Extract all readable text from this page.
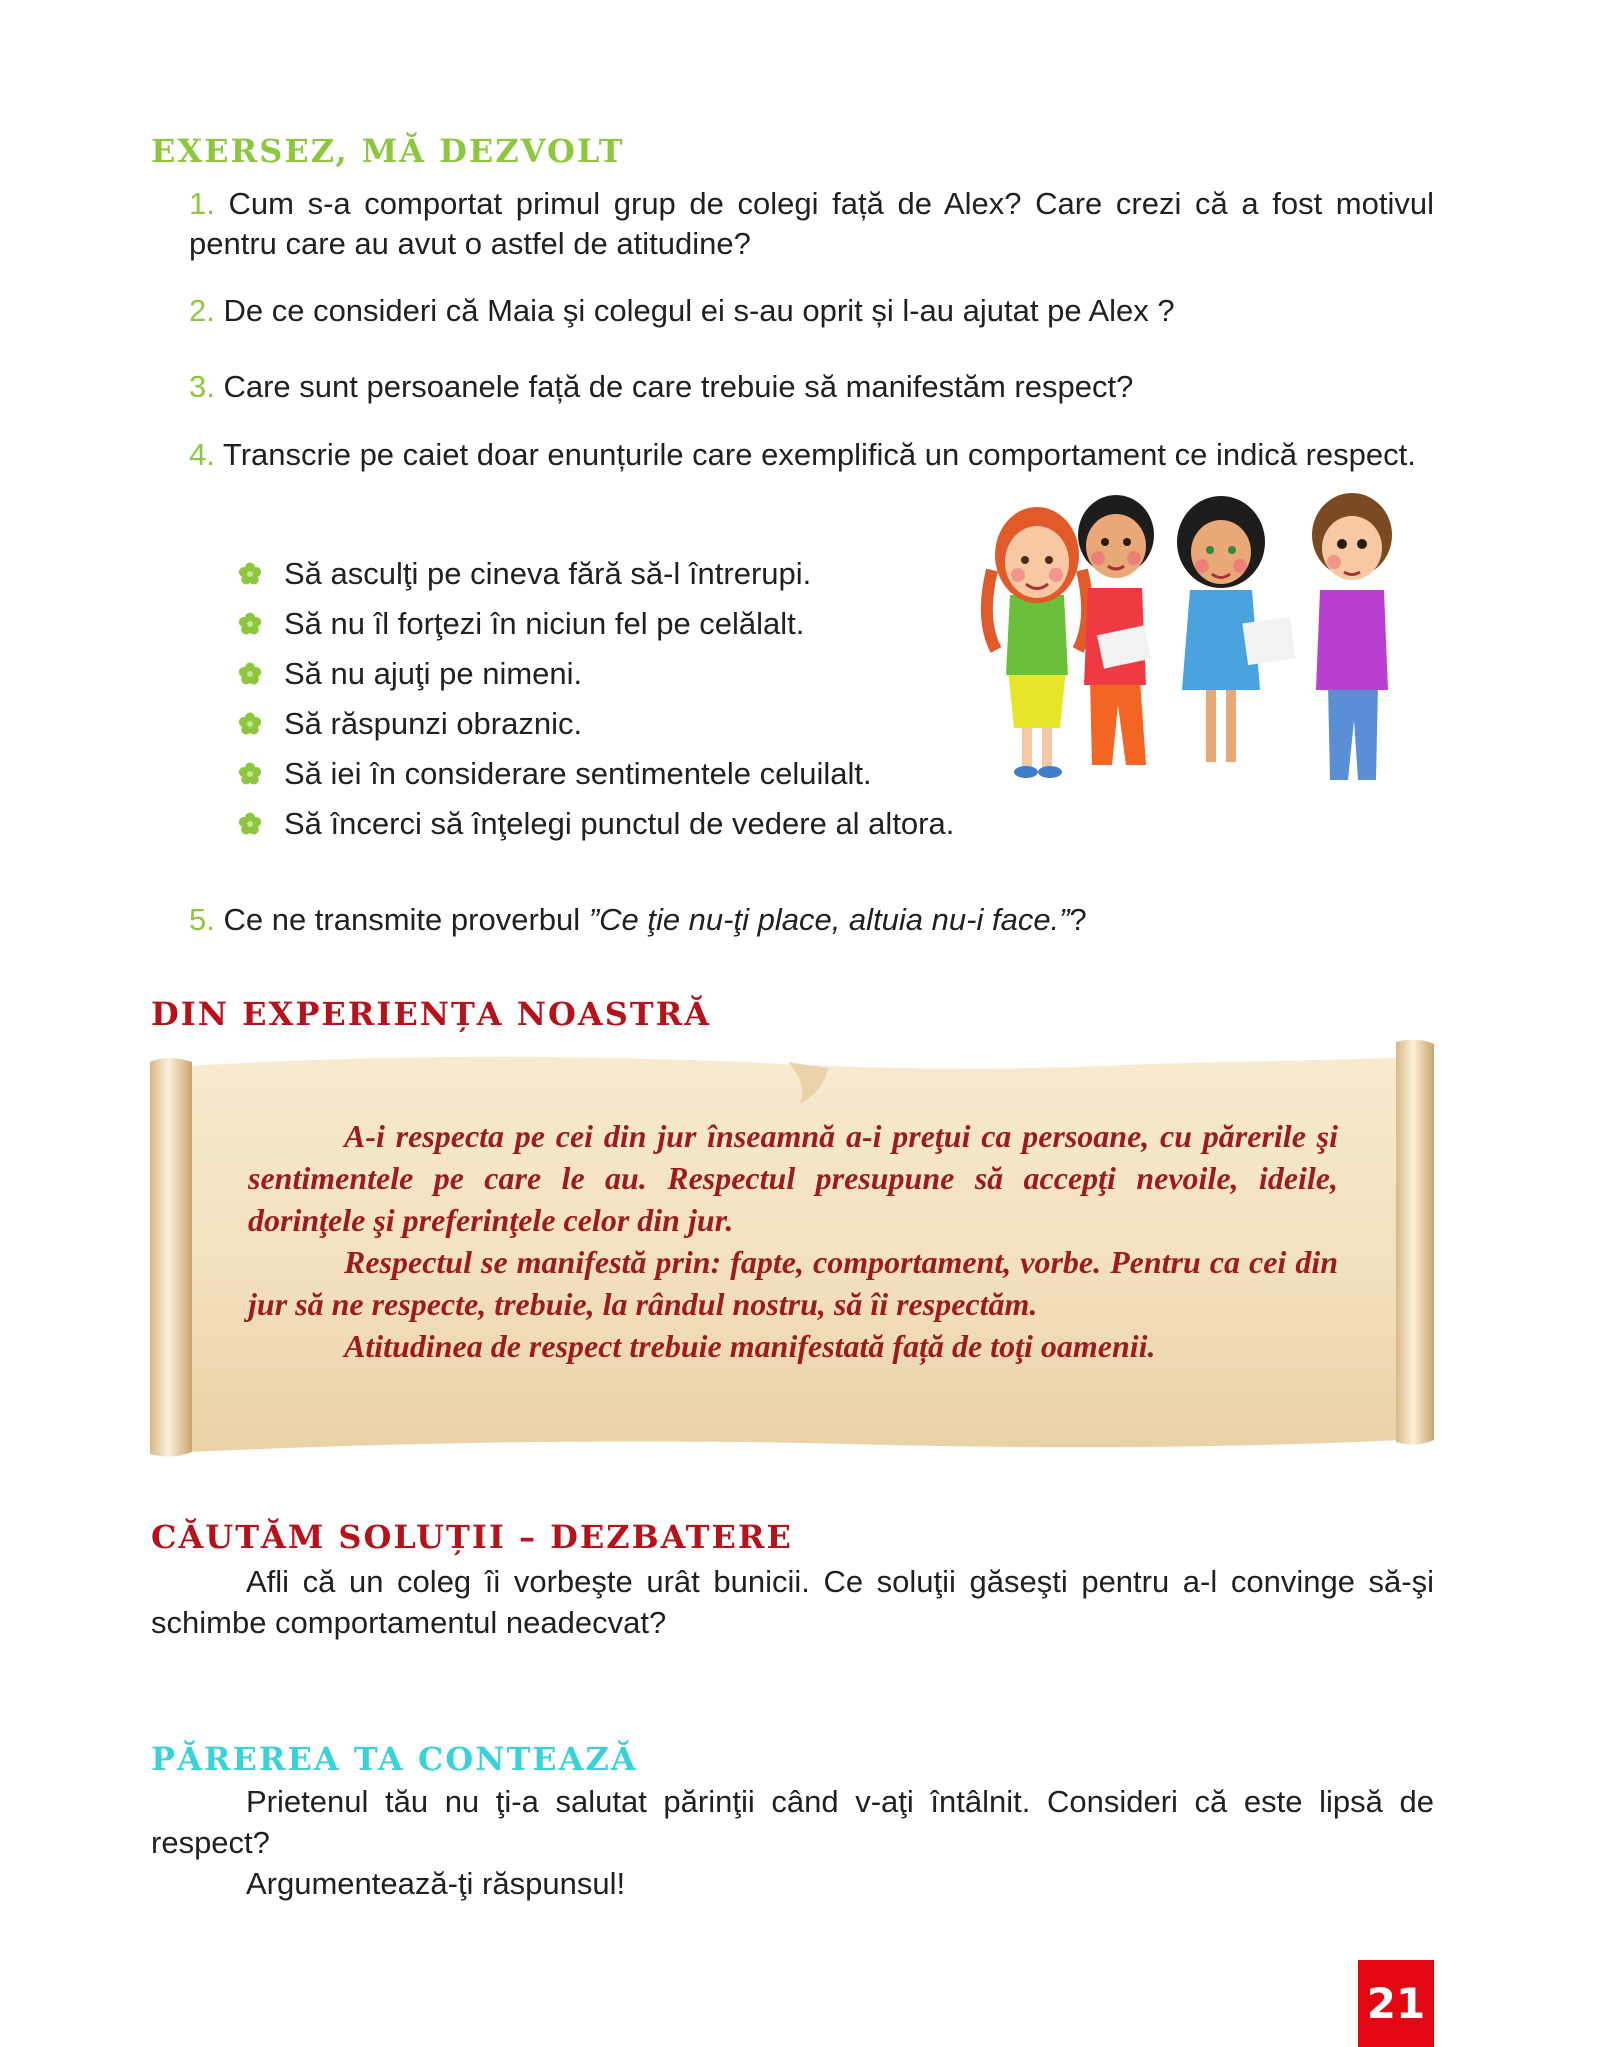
EXERSEZ, MĂ DEZVOLT

1. Cum s-a comportat primul grup de colegi față de Alex? Care crezi că a fost motivul pentru care au avut o astfel de atitudine?

2. De ce consideri că Maia şi colegul ei s-au oprit și l-au ajutat pe Alex ?

3. Care sunt persoanele față de care trebuie să manifestăm respect?

4. Transcrie pe caiet doar enunțurile care exemplifică un comportament ce indică respect.

Să asculţi pe cineva fără să-l întrerupi.
Să nu îl forţezi în niciun fel pe celălalt.
Să nu ajuţi pe nimeni.
Să răspunzi obraznic.
Să iei în considerare sentimentele celuilalt.
Să încerci să înţelegi punctul de vedere al altora.

5. Ce ne transmite proverbul ”Ce ţie nu-ţi place, altuia nu-i face.”?

DIN EXPERIENȚA NOASTRĂ

A-i respecta pe cei din jur înseamnă a-i preţui ca persoane, cu părerile şi sentimentele pe care le au. Respectul presupune să accepţi nevoile, ideile, dorinţele şi preferinţele celor din jur.

Respectul se manifestă prin: fapte, comportament, vorbe. Pentru ca cei din jur să ne respecte, trebuie, la rândul nostru, să îi respectăm.

Atitudinea de respect trebuie manifestată față de toţi oamenii.

CĂUTĂM SOLUȚII – DEZBATERE

Afli că un coleg îi vorbeşte urât bunicii. Ce soluţii găseşti pentru a-l convinge să-şi schimbe comportamentul neadecvat?

PĂREREA TA CONTEAZĂ

Prietenul tău nu ţi-a salutat părinţii când v-aţi întâlnit. Consideri că este lipsă de respect?

Argumentează-ţi răspunsul!

21
